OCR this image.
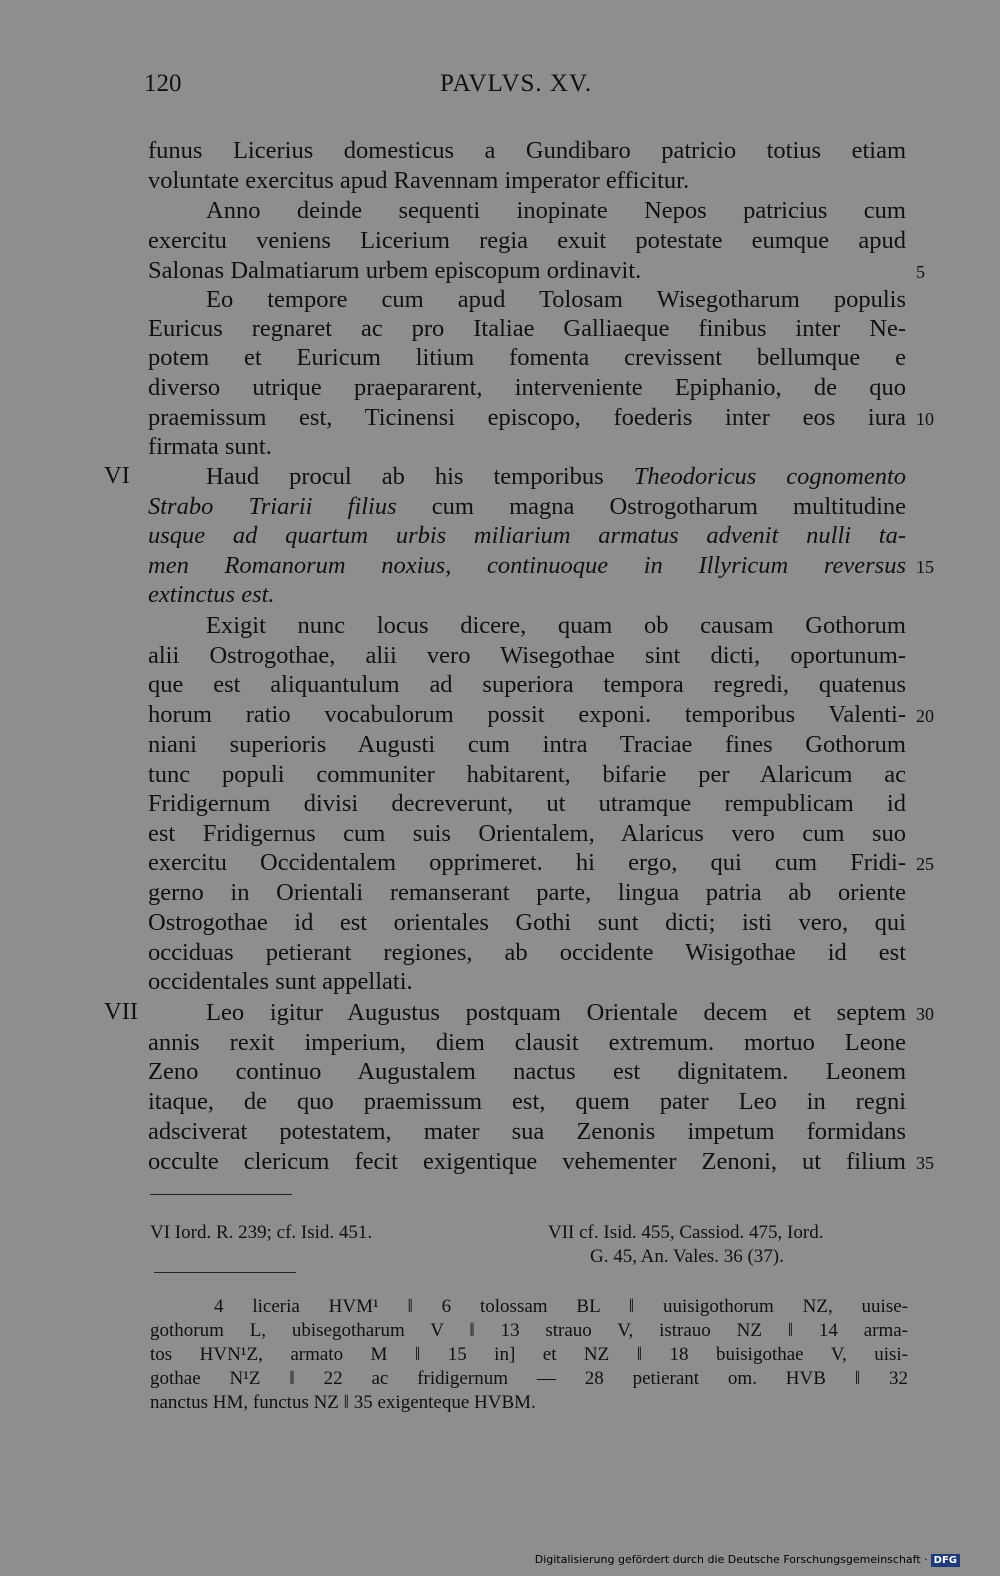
120	PAVLVS. XV.
funus Licerius domesticus a Gundibaro patricio totius etiam
voluntate exercitus apud Ravennam imperator efficitur.
Anno deinde sequenti inopinate Nepos patricius cum
exercitu veniens Licerium regia exuit potestate eumque apud
Salonas Dalmatiarum urbem episcopum ordinavit.
Eo tempore cum apud Tolosam Wisegotharum populis
Euricus regnaret ac pro Italiae Galliaeque finibus inter Ne-
potem et Euricum litium fomenta crevissent bellumque e
diverso utrique praepararent, interveniente Epiphanio, de quo
praemissum est, Ticinensi episcopo, foederis inter eos iura
firmata sunt.
Haud procul ab his temporibus Theodoricus cognomento
Strabo Triarii filius cum magna Ostrogotharum multitudine
usque ad quartum urbis miliarium armatus advenit nulli ta-
men Romanorum noxius, continuoque in Illyricum reversus
extinctus est.
Exigit nunc locus dicere, quam ob causam Gothorum
alii Ostrogothae, alii vero Wisegothae sint dicti, oportunum-
que est aliquantulum ad superiora tempora regredi, quatenus
horum ratio vocabulorum possit exponi. temporibus Valenti-
niani superioris Augusti cum intra Traciae fines Gothorum
tunc populi communiter habitarent, bifarie per Alaricum ac
Fridigernum divisi decreverunt, ut utramque rempublicam id
est Fridigernus cum suis Orientalem, Alaricus vero cum suo
exercitu Occidentalem opprimeret. hi ergo, qui cum Fridi-
gerno in Orientali remanserant parte, lingua patria ab oriente
Ostrogothae id est orientales Gothi sunt dicti; isti vero, qui
occiduas petierant regiones, ab occidente Wisigothae id est
occidentales sunt appellati.
Leo igitur Augustus postquam Orientale decem et septem
annis rexit imperium, diem clausit extremum. mortuo Leone
Zeno continuo Augustalem nactus est dignitatem. Leonem
itaque, de quo praemissum est, quem pater Leo in regni
adsciverat potestatem, mater sua Zenonis impetum formidans
occulte clericum fecit exigentique vehementer Zenoni, ut filium
VI
VII
5
10
15
20
25
30
35
VI Iord. R. 239; cf. Isid. 451.	VII cf. Isid. 455, Cassiod. 475, Iord.
G. 45, An. Vales. 36 (37).
4 liceria HVM¹ ‖ 6 tolossam BL ‖ uuisigothorum NZ, uuise-
gothorum L, ubisegotharum V ‖ 13 strauo V, istrauo NZ ‖ 14 arma-
tos HVN¹Z, armato M ‖ 15 in] et NZ ‖ 18 buisigothae V, uisi-
gothae N¹Z ‖ 22 ac fridigernum — 28 petierant om. HVB ‖ 32
nanctus HM, functus NZ ‖ 35 exigenteque HVBM.
Digitalisierung gefördert durch die Deutsche Forschungsgemeinschaft · DFG
